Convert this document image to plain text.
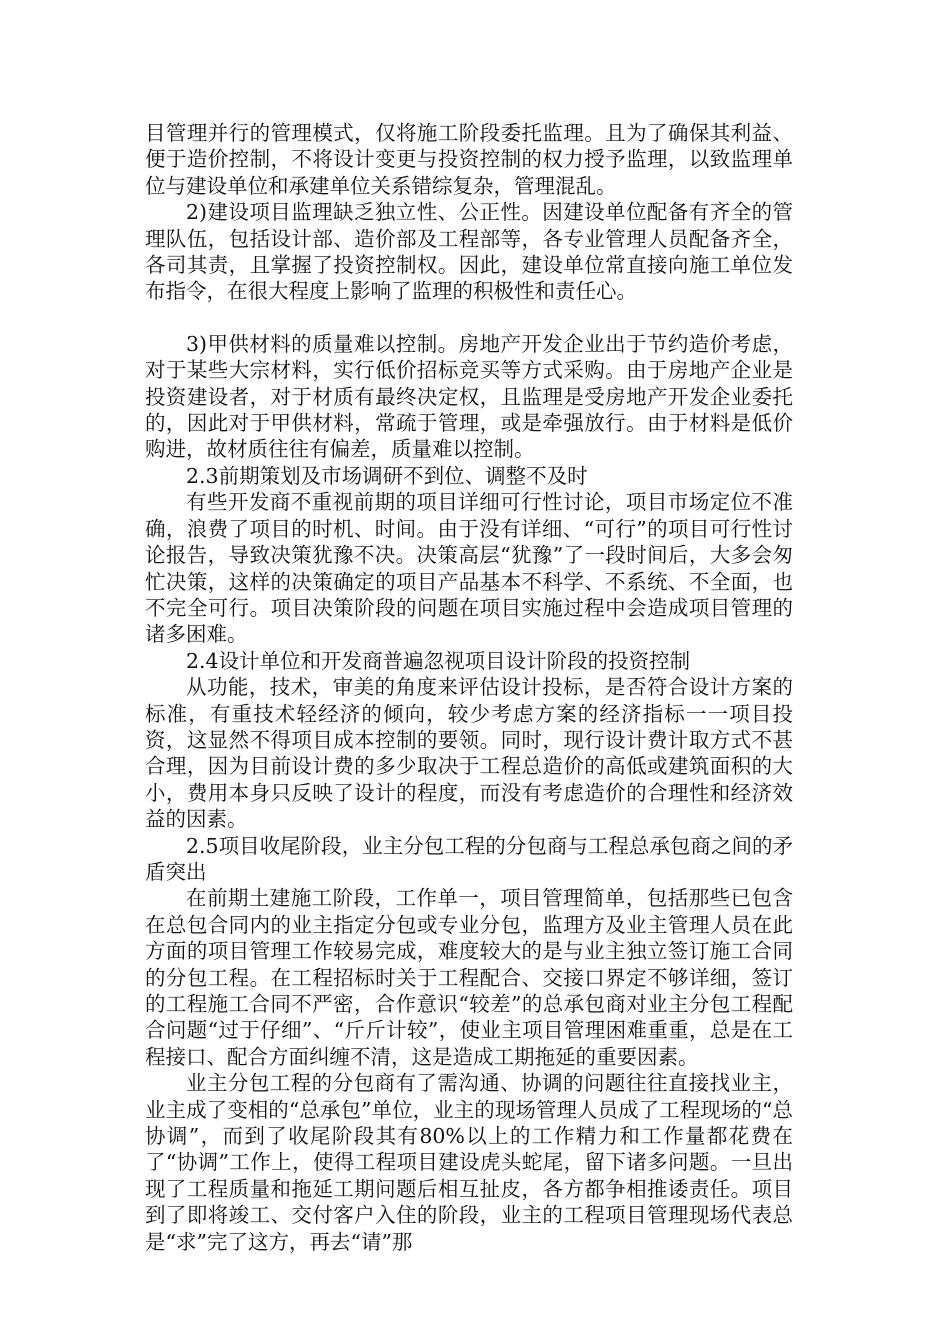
目管理并行的管理模式，仅将施工阶段委托监理。且为了确保其利益、便于造价控制，不将设计变更与投资控制的权力授予监理，以致监理单位与建设单位和承建单位关系错综复杂，管理混乱。

2)建设项目监理缺乏独立性、公正性。因建设单位配备有齐全的管理队伍，包括设计部、造价部及工程部等，各专业管理人员配备齐全，各司其责，且掌握了投资控制权。因此，建设单位常直接向施工单位发布指令，在很大程度上影响了监理的积极性和责任心。

3)甲供材料的质量难以控制。房地产开发企业出于节约造价考虑，对于某些大宗材料，实行低价招标竞买等方式采购。由于房地产企业是投资建设者，对于材质有最终决定权，且监理是受房地产开发企业委托的，因此对于甲供材料，常疏于管理，或是牵强放行。由于材料是低价购进，故材质往往有偏差，质量难以控制。

2.3前期策划及市场调研不到位、调整不及时

有些开发商不重视前期的项目详细可行性讨论，项目市场定位不准确，浪费了项目的时机、时间。由于没有详细、“可行”的项目可行性讨论报告，导致决策犹豫不决。决策高层“犹豫”了一段时间后，大多会匆忙决策，这样的决策确定的项目产品基本不科学、不系统、不全面，也不完全可行。项目决策阶段的问题在项目实施过程中会造成项目管理的诸多困难。

2.4设计单位和开发商普遍忽视项目设计阶段的投资控制

从功能，技术，审美的角度来评估设计投标，是否符合设计方案的标准，有重技术轻经济的倾向，较少考虑方案的经济指标一一项目投资，这显然不得项目成本控制的要领。同时，现行设计费计取方式不甚合理，因为目前设计费的多少取决于工程总造价的高低或建筑面积的大小，费用本身只反映了设计的程度，而没有考虑造价的合理性和经济效益的因素。

2.5项目收尾阶段，业主分包工程的分包商与工程总承包商之间的矛盾突出

在前期土建施工阶段，工作单一，项目管理简单，包括那些已包含在总包合同内的业主指定分包或专业分包，监理方及业主管理人员在此方面的项目管理工作较易完成，难度较大的是与业主独立签订施工合同的分包工程。在工程招标时关于工程配合、交接口界定不够详细，签订的工程施工合同不严密，合作意识“较差”的总承包商对业主分包工程配合问题“过于仔细”、“斤斤计较”，使业主项目管理困难重重，总是在工程接口、配合方面纠缠不清，这是造成工期拖延的重要因素。

业主分包工程的分包商有了需沟通、协调的问题往往直接找业主，业主成了变相的“总承包”单位，业主的现场管理人员成了工程现场的“总协调”，而到了收尾阶段其有80%以上的工作精力和工作量都花费在了“协调”工作上，使得工程项目建设虎头蛇尾，留下诸多问题。一旦出现了工程质量和拖延工期问题后相互扯皮，各方都争相推诿责任。项目到了即将竣工、交付客户入住的阶段，业主的工程项目管理现场代表总是“求”完了这方，再去“请”那
